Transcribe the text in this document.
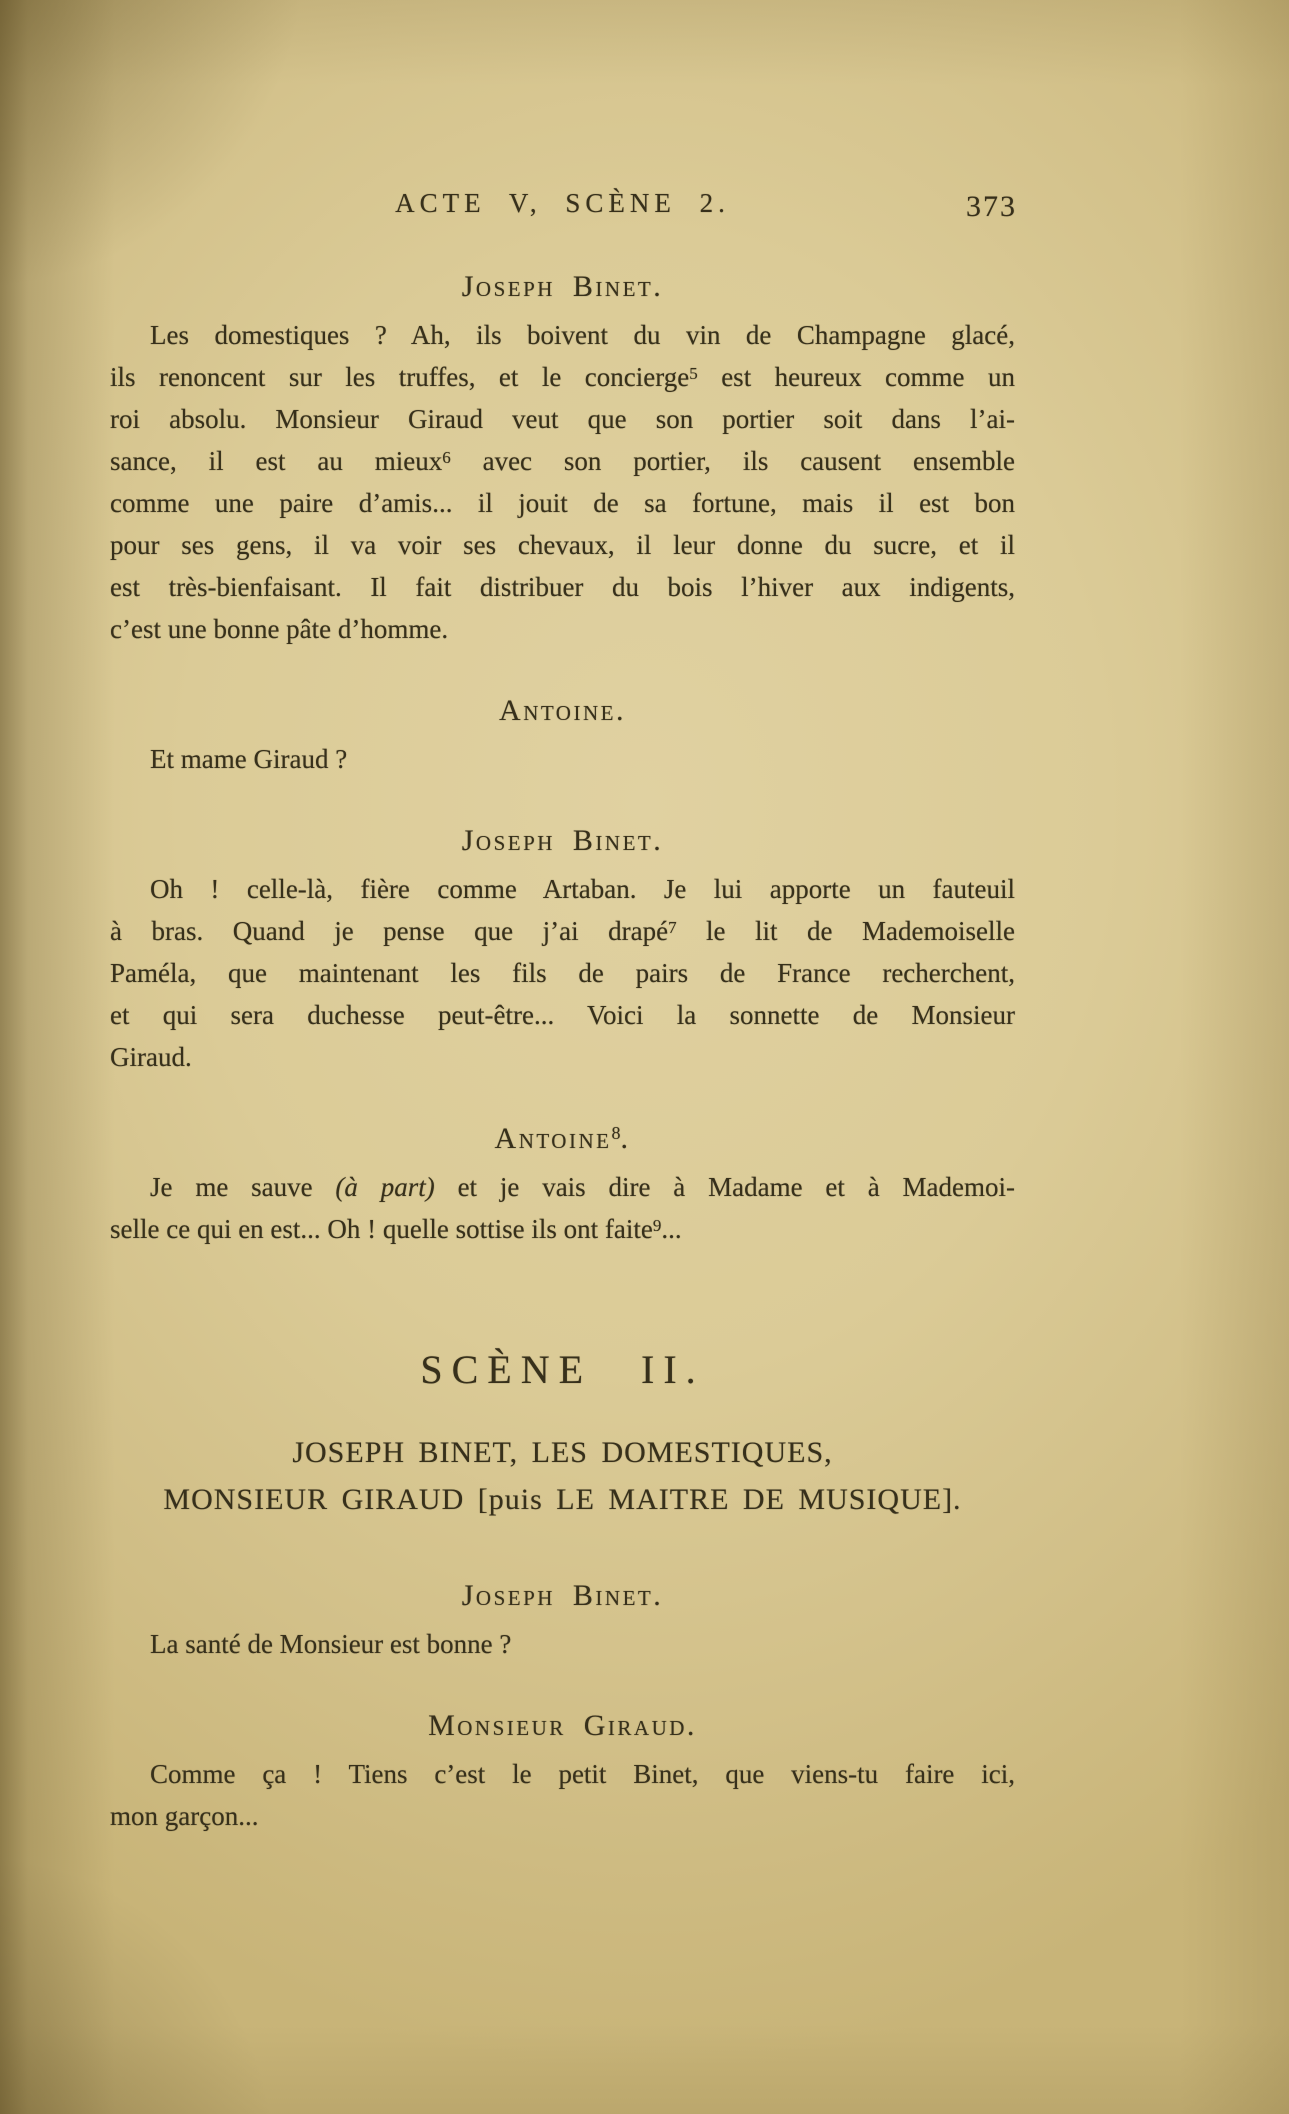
ACTE V, SCÈNE 2.	373
Joseph Binet.
Les domestiques ? Ah, ils boivent du vin de Champagne glacé,
ils renoncent sur les truffes, et le concierge$^5$ est heureux comme un
roi absolu. Monsieur Giraud veut que son portier soit dans l’ai-
sance, il est au mieux$^6$ avec son portier, ils causent ensemble
comme une paire d’amis... il jouit de sa fortune, mais il est bon
pour ses gens, il va voir ses chevaux, il leur donne du sucre, et il
est très-bienfaisant. Il fait distribuer du bois l’hiver aux indigents,
c’est une bonne pâte d’homme.
Antoine.
Et mame Giraud ?
Joseph Binet.
Oh ! celle-là, fière comme Artaban. Je lui apporte un fauteuil
à bras. Quand je pense que j’ai drapé$^7$ le lit de Mademoiselle
Paméla, que maintenant les fils de pairs de France recherchent,
et qui sera duchesse peut-être... Voici la sonnette de Monsieur
Giraud.
Antoine$^8$.
Je me sauve (à part) et je vais dire à Madame et à Mademoi-
selle ce qui en est... Oh ! quelle sottise ils ont faite$^9$...
SCÈNE II.
JOSEPH BINET, LES DOMESTIQUES,
MONSIEUR GIRAUD [puis LE MAITRE DE MUSIQUE].
Joseph Binet.
La santé de Monsieur est bonne ?
Monsieur Giraud.
Comme ça ! Tiens c’est le petit Binet, que viens-tu faire ici,
mon garçon...
